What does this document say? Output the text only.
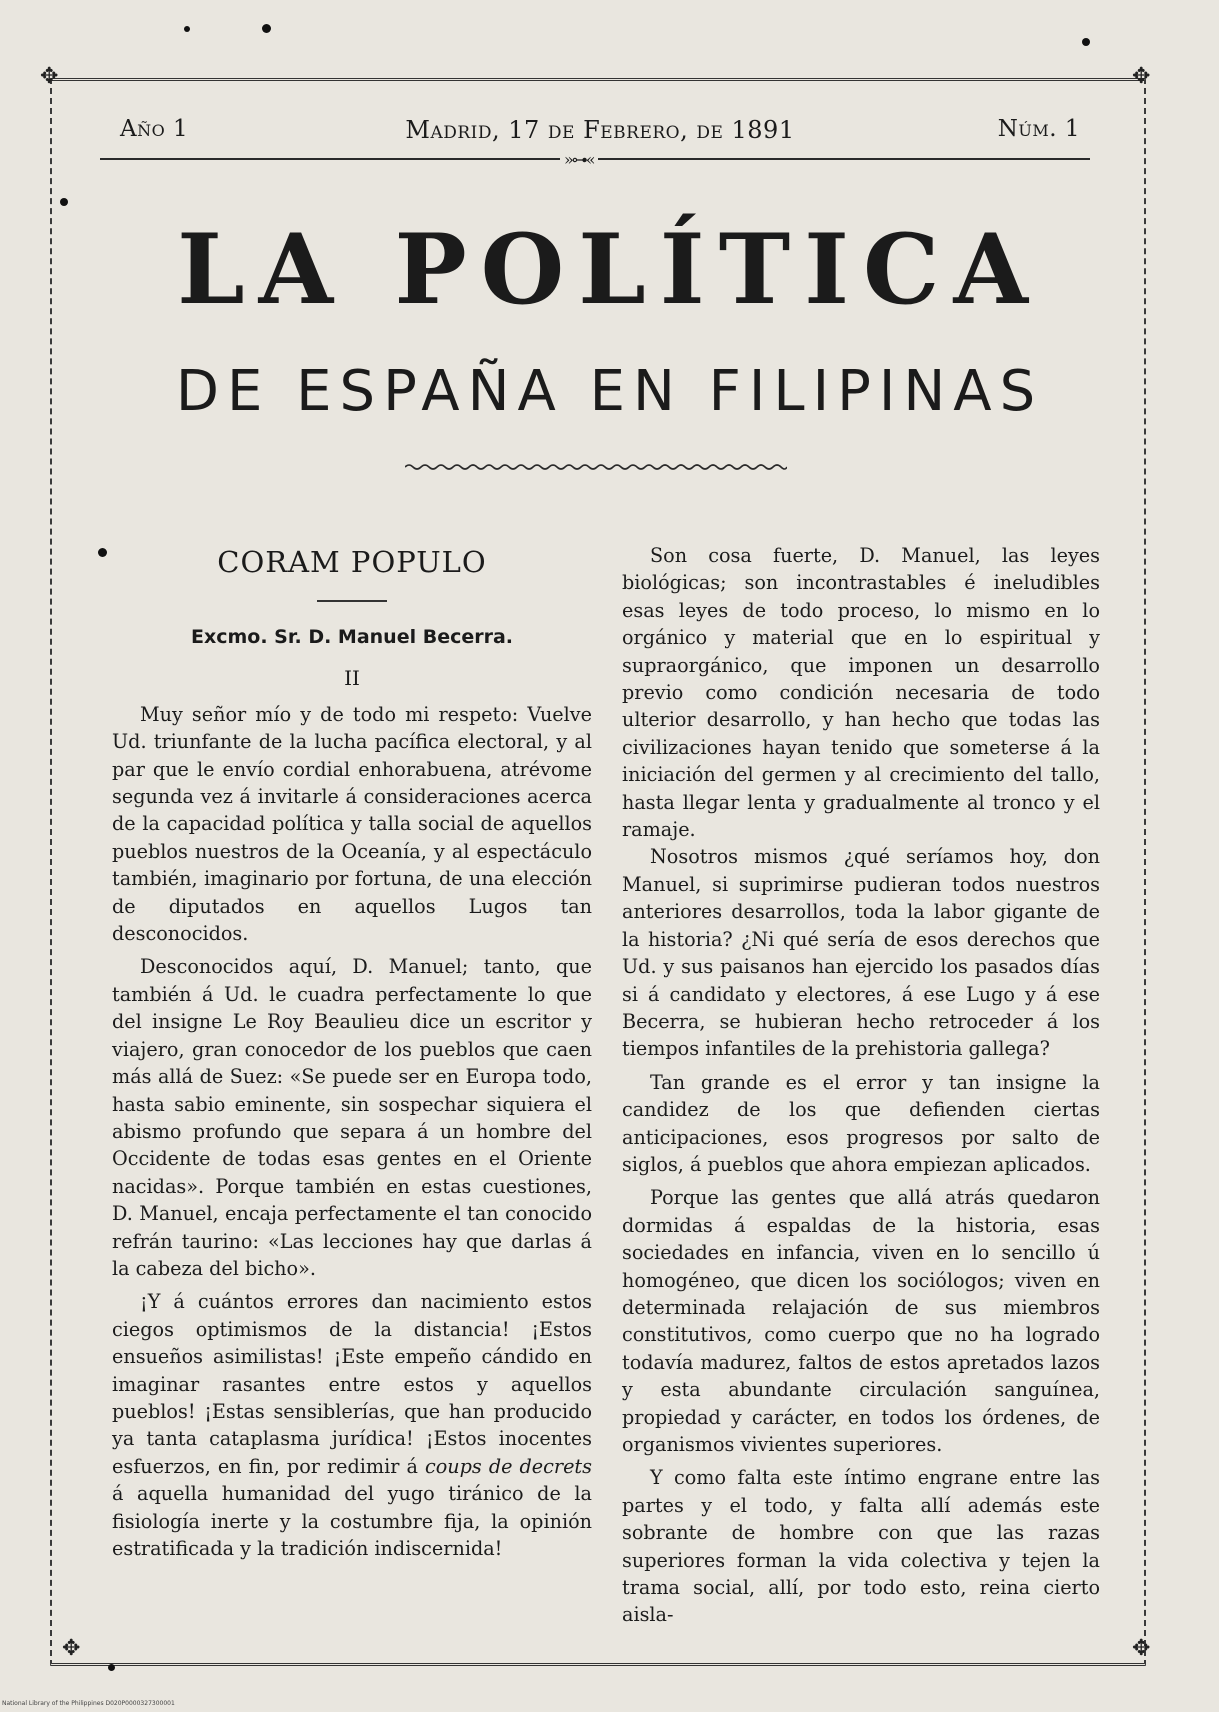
✥	✥
✥	✥
Año 1	Madrid, 17 de Febrero, de 1891	Núm. 1
»⊶«
LA POLÍTICA
DE ESPAÑA EN FILIPINAS
CORAM POPULO
Excmo. Sr. D. Manuel Becerra.
II

Muy señor mío y de todo mi respeto: Vuelve Ud. triunfante de la lucha pacífica electoral, y al par que le envío cordial enhorabuena, atrévome segunda vez á invitarle á consideraciones acerca de la capacidad política y talla social de aquellos pueblos nuestros de la Oceanía, y al espectáculo también, imaginario por fortuna, de una elección de diputados en aquellos Lugos tan desconocidos.

Desconocidos aquí, D. Manuel; tanto, que también á Ud. le cuadra perfectamente lo que del insigne Le Roy Beaulieu dice un escritor y viajero, gran conocedor de los pueblos que caen más allá de Suez: «Se puede ser en Europa todo, hasta sabio eminente, sin sospechar siquiera el abismo profundo que separa á un hombre del Occidente de todas esas gentes en el Oriente nacidas». Porque también en estas cuestiones, D. Manuel, encaja perfectamente el tan conocido refrán taurino: «Las lecciones hay que darlas á la cabeza del bicho».

¡Y á cuántos errores dan nacimiento estos ciegos optimismos de la distancia! ¡Estos ensueños asimilistas! ¡Este empeño cándido en imaginar rasantes entre estos y aquellos pueblos! ¡Estas sensiblerías, que han producido ya tanta cataplasma jurídica! ¡Estos inocentes esfuerzos, en fin, por redimir á coups de decrets á aquella humanidad del yugo tiránico de la fisiología inerte y la costumbre fija, la opinión estratificada y la tradición indiscernida!

Son cosa fuerte, D. Manuel, las leyes biológicas; son incontrastables é ineludibles esas leyes de todo proceso, lo mismo en lo orgánico y material que en lo espiritual y supraorgánico, que imponen un desarrollo previo como condición necesaria de todo ulterior desarrollo, y han hecho que todas las civilizaciones hayan tenido que someterse á la iniciación del germen y al crecimiento del tallo, hasta llegar lenta y gradualmente al tronco y el ramaje.

Nosotros mismos ¿qué seríamos hoy, don Manuel, si suprimirse pudieran todos nuestros anteriores desarrollos, toda la labor gigante de la historia? ¿Ni qué sería de esos derechos que Ud. y sus paisanos han ejercido los pasados días si á candidato y electores, á ese Lugo y á ese Becerra, se hubieran hecho retroceder á los tiempos infantiles de la prehistoria gallega?

Tan grande es el error y tan insigne la candidez de los que defienden ciertas anticipaciones, esos progresos por salto de siglos, á pueblos que ahora empiezan aplicados.

Porque las gentes que allá atrás quedaron dormidas á espaldas de la historia, esas sociedades en infancia, viven en lo sencillo ú homogéneo, que dicen los sociólogos; viven en determinada relajación de sus miembros constitutivos, como cuerpo que no ha logrado todavía madurez, faltos de estos apretados lazos y esta abundante circulación sanguínea, propiedad y carácter, en todos los órdenes, de organismos vivientes superiores.

Y como falta este íntimo engrane entre las partes y el todo, y falta allí además este sobrante de hombre con que las razas superiores forman la vida colectiva y tejen la trama social, allí, por todo esto, reina cierto aisla-

National Library of the Philippines D020P0000327300001
